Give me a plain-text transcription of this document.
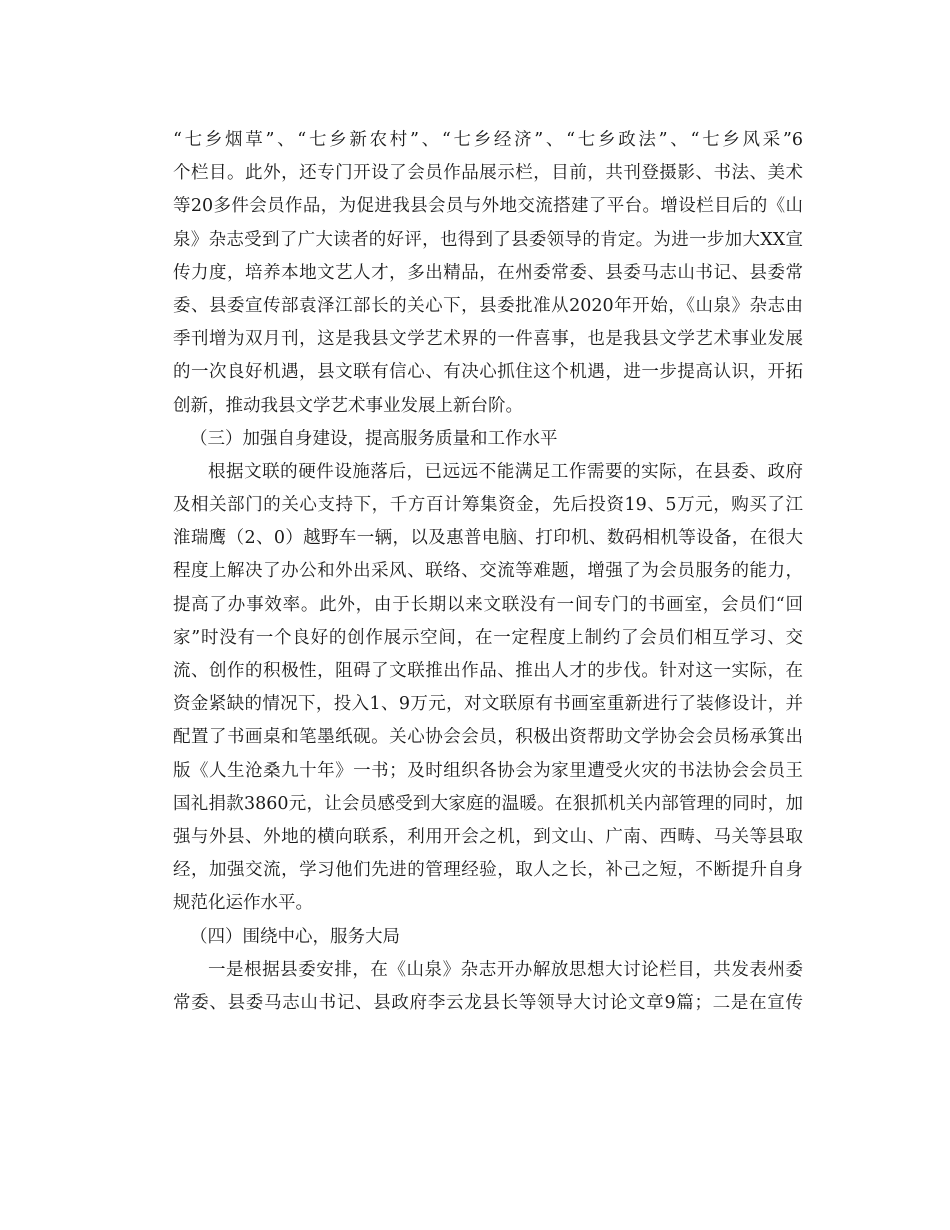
“七乡烟草”、“七乡新农村”、“七乡经济”、“七乡政法”、“七乡风采”6
个栏目。此外，还专门开设了会员作品展示栏，目前，共刊登摄影、书法、美术
等20多件会员作品，为促进我县会员与外地交流搭建了平台。增设栏目后的《山
泉》杂志受到了广大读者的好评，也得到了县委领导的肯定。为进一步加大XX宣
传力度，培养本地文艺人才，多出精品，在州委常委、县委马志山书记、县委常
委、县委宣传部袁泽江部长的关心下，县委批准从2020年开始，《山泉》杂志由
季刊增为双月刊，这是我县文学艺术界的一件喜事，也是我县文学艺术事业发展
的一次良好机遇，县文联有信心、有决心抓住这个机遇，进一步提高认识，开拓
创新，推动我县文学艺术事业发展上新台阶。
（三）加强自身建设，提高服务质量和工作水平
根据文联的硬件设施落后，已远远不能满足工作需要的实际，在县委、政府
及相关部门的关心支持下，千方百计筹集资金，先后投资19、5万元，购买了江
淮瑞鹰（2、0）越野车一辆，以及惠普电脑、打印机、数码相机等设备，在很大
程度上解决了办公和外出采风、联络、交流等难题，增强了为会员服务的能力，
提高了办事效率。此外，由于长期以来文联没有一间专门的书画室，会员们“回
家”时没有一个良好的创作展示空间，在一定程度上制约了会员们相互学习、交
流、创作的积极性，阻碍了文联推出作品、推出人才的步伐。针对这一实际，在
资金紧缺的情况下，投入1、9万元，对文联原有书画室重新进行了装修设计，并
配置了书画桌和笔墨纸砚。关心协会会员，积极出资帮助文学协会会员杨承箕出
版《人生沧桑九十年》一书；及时组织各协会为家里遭受火灾的书法协会会员王
国礼捐款3860元，让会员感受到大家庭的温暖。在狠抓机关内部管理的同时，加
强与外县、外地的横向联系，利用开会之机，到文山、广南、西畴、马关等县取
经，加强交流，学习他们先进的管理经验，取人之长，补己之短，不断提升自身
规范化运作水平。
（四）围绕中心，服务大局
一是根据县委安排，在《山泉》杂志开办解放思想大讨论栏目，共发表州委
常委、县委马志山书记、县政府李云龙县长等领导大讨论文章9篇；二是在宣传
